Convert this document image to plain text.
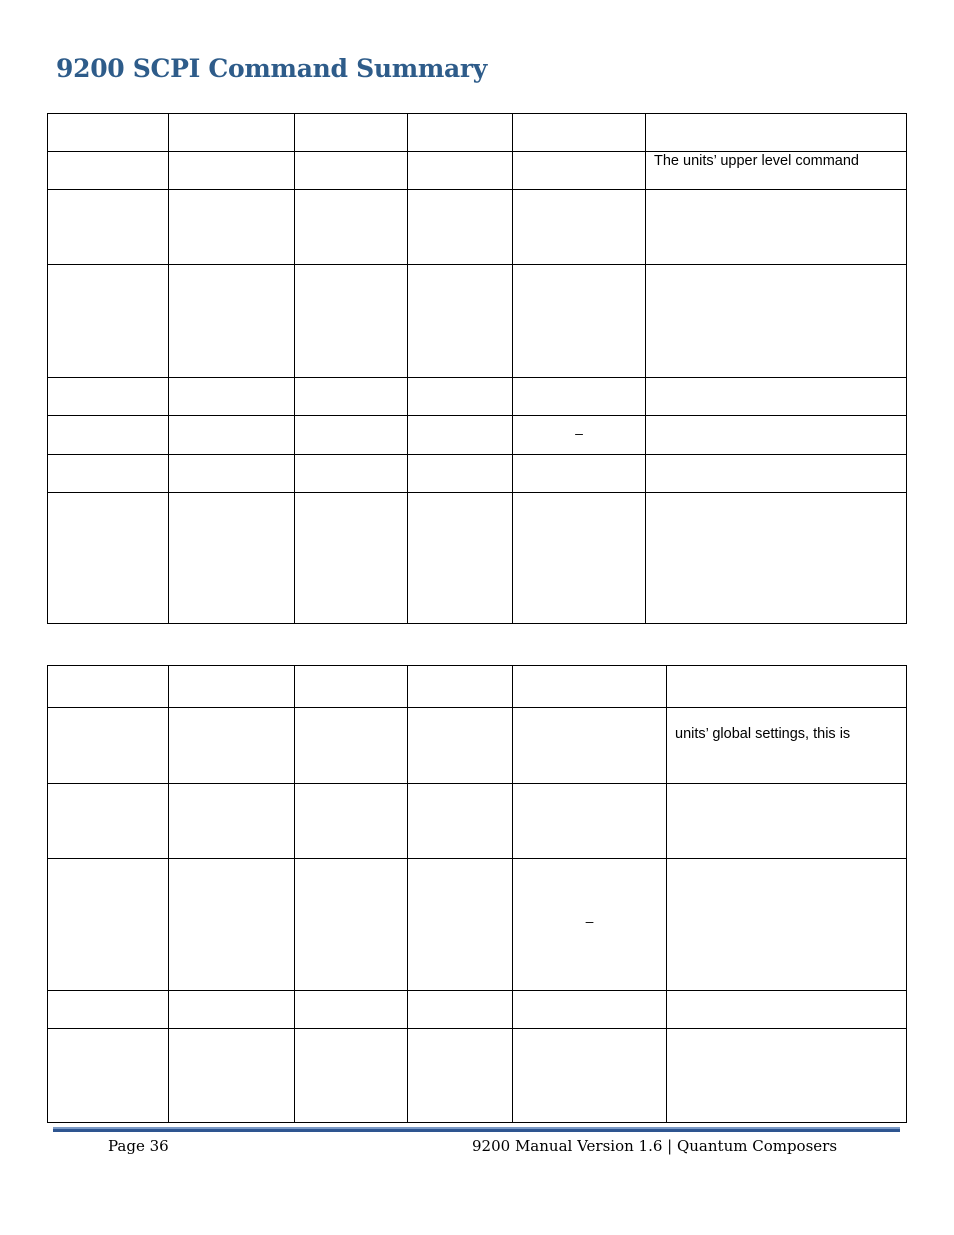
9200 SCPI Command Summary

					The units’ upper level command

				–	

					units’ global settings, this is

				–	

Page 36	9200 Manual Version 1.6 | Quantum Composers
